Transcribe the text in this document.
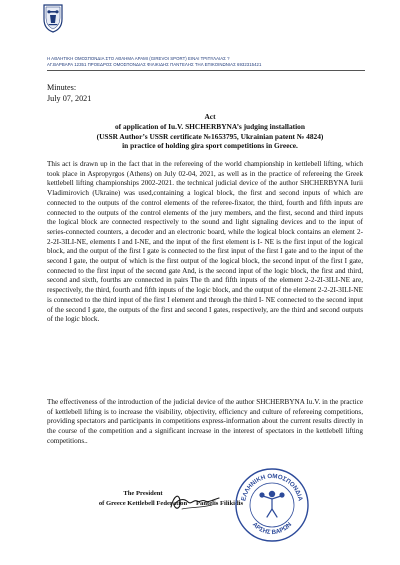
Η ΑΘΛΗΤΙΚΗ ΟΜΟΣΠΟΝΔΙΑ ΣΤΟ ΑΘΛΗΜΑ ΑΡΑΜΙ (GIREVOI SPORT) ΕΙΝΑΙ ΤΡΙΠΥΛΑΙΑΣ ?
ΑΓ.ΒΑΡΒΑΡΑ 12351 ΠΡΟΕΔΡΟΣ ΟΜΟΣΠΟΝΔΙΑΣ ΦΙΛΙΚΙΔΗΣ ΠΑΝΤΕΛΗΣ ΤΗΛ ΕΠΙΚΟΙΝΩΝΙΑΣ 6932315421
Minutes:
July 07, 2021
Act
of application of Iu.V. SHCHERBYNA’s judging installation
(USSR Author’s USSR certificate №1653795, Ukrainian patent № 4824)
in practice of holding gira sport competitions in Greece.

This act is drawn up in the fact that in the refereeing of the world championship in kettlebell lifting, which took place in Aspropyrgos (Athens) on July 02-04, 2021, as well as in the practice of refereeing the Greek kettlebell lifting championships 2002-2021. the technical judicial device of the author SHCHERBYNA Iurii Vladimirovich (Ukraine) was used,containing a logical block, the first and second inputs of which are connected to the outputs of the control elements of the referee-fixator, the third, fourth and fifth inputs are connected to the outputs of the control elements of the jury members, and the first, second and third inputs the logical block are connected respectively to the sound and light signaling devices and to the input of series-connected counters, a decoder and an electronic board, while the logical block contains an element 2-2-2I-3ILI-NE, elements I and I-NE, and the input of the first element is I- NE is the first input of the logical block, and the output of the first I gate is connected to the first input of the first I gate and to the input of the second I gate, the output of which is the first output of the logical block, the second input of the first I gate, connected to the first input of the second gate And, is the second input of the logic block, the first and third, second and sixth, fourths are connected in pairs The th and fifth inputs of the element 2-2-2I-3ILI-NE are, respectively, the third, fourth and fifth inputs of the logic block, and the output of the element 2-2-2I-3ILI-NE is connected to the third input of the first I element and through the third I- NE connected to the second input of the second I gate, the outputs of the first and second I gates, respectively, are the third and second outputs of the logic block.

The effectiveness of the introduction of the judicial device of the author SHCHERBYNA Iu.V. in the practice of kettlebell lifting is to increase the visibility, objectivity, efficiency and culture of refereeing competitions, providing spectators and participants in competitions express-information about the current results directly in the course of the competition and a significant increase in the interest of spectators in the kettlebell lifting competitions..

The President
of Greece Kettlebell Federation	Pantelis Filikidis
ΕΛΛΗΝΙΚΗ ΟΜΟΣΠΟΝΔΙΑ
ΑΡΣΗΣ ΒΑΡΩΝ
